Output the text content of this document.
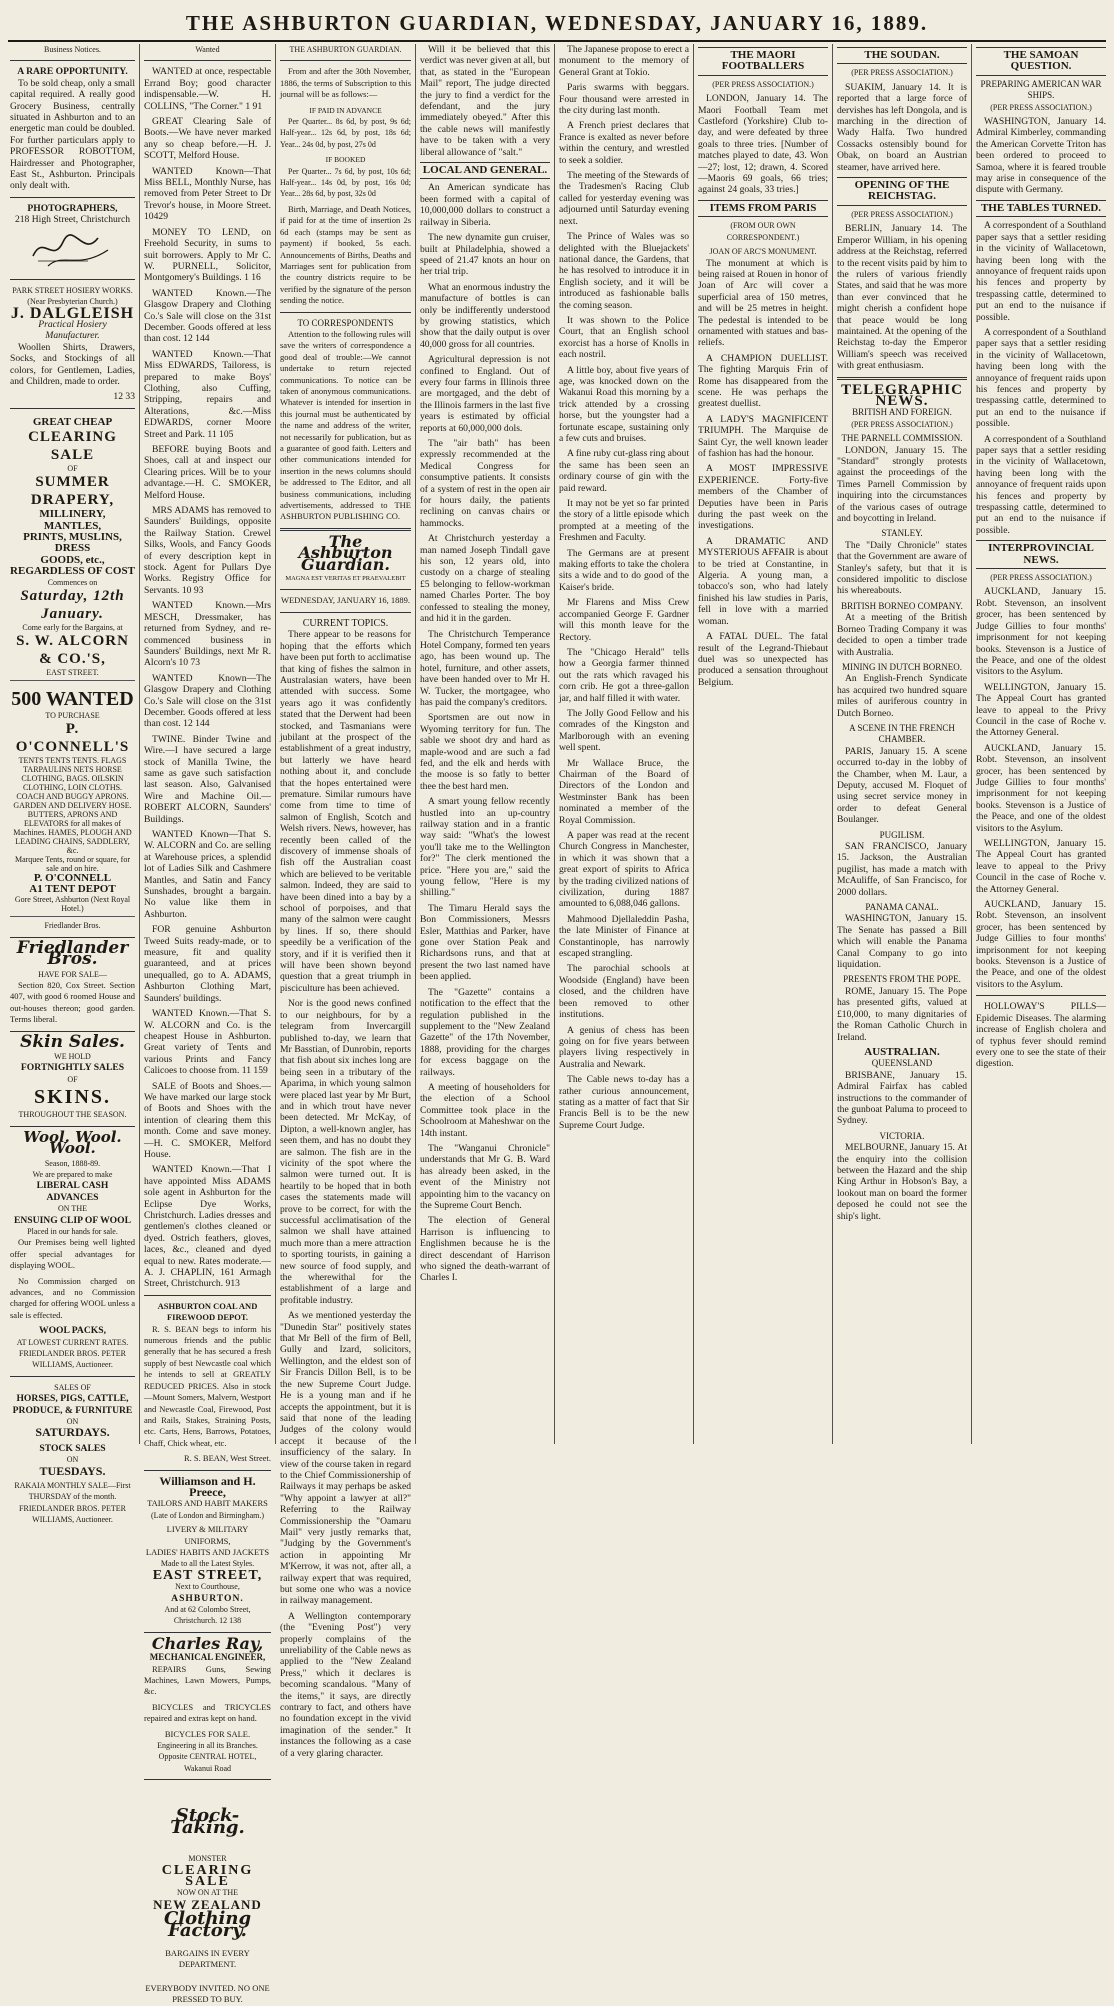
THE ASHBURTON GUARDIAN, WEDNESDAY, JANUARY 16, 1889.
Business Notices.
A RARE OPPORTUNITY.

To be sold cheap, only a small capital required. A really good Grocery Business, centrally situated in Ashburton and to an energetic man could be doubled. For further particulars apply to PROFESSOR ROBOTTOM, Hairdresser and Photographer, East St., Ashburton. Principals only dealt with.

PHOTOGRAPHERS,
218 High Street, Christchurch
PARK STREET HOSIERY WORKS. (Near Presbyterian Church.)
J. DALGLEISH
Practical Hosiery Manufacturer.

Woollen Shirts, Drawers, Socks, and Stockings of all colors, for Gentlemen, Ladies, and Children, made to order.

12 33
GREAT CHEAP
CLEARING SALE
OF
SUMMER DRAPERY,
MILLINERY, MANTLES,
PRINTS, MUSLINS, DRESS
GOODS, etc.,
REGARDLESS OF COST
Commences on
Saturday, 12th January.
Come early for the Bargains, at
S. W. ALCORN & CO.'S,
EAST STREET.
500 WANTED
TO PURCHASE
P. O'CONNELL'S
TENTS TENTS TENTS. FLAGS TARPAULINS NETS HORSE CLOTHING, BAGS. OILSKIN CLOTHING, LOIN CLOTHS. COACH AND BUGGY APRONS. GARDEN AND DELIVERY HOSE. BUTTERS, APRONS AND ELEVATORS for all makes of Machines. HAMES, PLOUGH AND LEADING CHAINS, SADDLERY, &c.
Marquee Tents, round or square, for sale and on hire.
P. O'CONNELL
A1 TENT DEPOT
Gore Street, Ashburton (Next Royal Hotel.)
Friedlander Bros.
Friedlander Bros.
HAVE FOR SALE—

Section 820, Cox Street. Section 407, with good 6 roomed House and out-houses thereon; good garden. Terms liberal.

Skin Sales.
WE HOLD
FORTNIGHTLY SALES
OF
SKINS.
THROUGHOUT THE SEASON.
Wool. Wool. Wool.
Season, 1888-89.
We are prepared to make
LIBERAL CASH ADVANCES
ON THE
ENSUING CLIP OF WOOL
Placed in our hands for sale.

Our Premises being well lighted offer special advantages for displaying WOOL.

No Commission charged on advances, and no Commission charged for offering WOOL unless a sale is effected.

WOOL PACKS,
AT LOWEST CURRENT RATES.
FRIEDLANDER BROS. PETER WILLIAMS, Auctioneer.
SALES OF
HORSES, PIGS, CATTLE,
PRODUCE, & FURNITURE
ON
SATURDAYS.
STOCK SALES
ON
TUESDAYS.
RAKAIA MONTHLY SALE—First THURSDAY of the month.
FRIEDLANDER BROS. PETER WILLIAMS, Auctioneer.
Wanted

WANTED at once, respectable Errand Boy; good character indispensable.—W. H. COLLINS, "The Corner." 1 91

GREAT Clearing Sale of Boots.—We have never marked any so cheap before.—H. J. SCOTT, Melford House.

WANTED Known—That Miss BELL, Monthly Nurse, has removed from Peter Street to Dr Trevor's house, in Moore Street. 10429

MONEY TO LEND, on Freehold Security, in sums to suit borrowers. Apply to Mr C. W. PURNELL, Solicitor, Montgomery's Buildings. 1 16

WANTED Known.—The Glasgow Drapery and Clothing Co.'s Sale will close on the 31st December. Goods offered at less than cost. 12 144

WANTED Known.—That Miss EDWARDS, Tailoress, is prepared to make Boys' Clothing, also Cuffing, Stripping, repairs and Alterations, &c.—Miss EDWARDS, corner Moore Street and Park. 11 105

BEFORE buying Boots and Shoes, call at and inspect our Clearing prices. Will be to your advantage.—H. C. SMOKER, Melford House.

MRS ADAMS has removed to Saunders' Buildings, opposite the Railway Station. Crewel Silks, Wools, and Fancy Goods of every description kept in stock. Agent for Pullars Dye Works. Registry Office for Servants. 10 93

WANTED Known.—Mrs MESCH, Dressmaker, has returned from Sydney, and re-commenced business in Saunders' Buildings, next Mr R. Alcorn's 10 73

WANTED Known—The Glasgow Drapery and Clothing Co.'s Sale will close on the 31st December. Goods offered at less than cost. 12 144

TWINE. Binder Twine and Wire.—I have secured a large stock of Manilla Twine, the same as gave such satisfaction last season. Also, Galvanised Wire and Machine Oil.—ROBERT ALCORN, Saunders' Buildings.

WANTED Known—That S. W. ALCORN and Co. are selling at Warehouse prices, a splendid lot of Ladies Silk and Cashmere Mantles, and Satin and Fancy Sunshades, brought a bargain. No value like them in Ashburton.

FOR genuine Ashburton Tweed Suits ready-made, or to measure, fit and quality guaranteed, and at prices unequalled, go to A. ADAMS, Ashburton Clothing Mart, Saunders' buildings.

WANTED Known.—That S. W. ALCORN and Co. is the cheapest House in Ashburton. Great variety of Tents and various Prints and Fancy Calicoes to choose from. 11 159

SALE of Boots and Shoes.—We have marked our large stock of Boots and Shoes with the intention of clearing them this month. Come and save money.—H. C. SMOKER, Melford House.

WANTED Known.—That I have appointed Miss ADAMS sole agent in Ashburton for the Eclipse Dye Works, Christchurch. Ladies dresses and gentlemen's clothes cleaned or dyed. Ostrich feathers, gloves, laces, &c., cleaned and dyed equal to new. Rates moderate.—A. J. CHAPLIN, 161 Armagh Street, Christchurch. 913

ASHBURTON COAL AND FIREWOOD DEPOT.

R. S. BEAN begs to inform his numerous friends and the public generally that he has secured a fresh supply of best Newcastle coal which he intends to sell at GREATLY REDUCED PRICES. Also in stock—Mount Somers, Malvern, Westport and Newcastle Coal, Firewood, Post and Rails, Stakes, Straining Posts, etc. Carts, Hens, Barrows, Potatoes, Chaff, Chick wheat, etc.

R. S. BEAN, West Street.
Williamson and H. Preece,
TAILORS AND HABIT MAKERS
(Late of London and Birmingham.)
LIVERY & MILITARY UNIFORMS,
LADIES' HABITS AND JACKETS
Made to all the Latest Styles.
EAST STREET,
Next to Courthouse,
ASHBURTON.
And at 62 Colombo Street, Christchurch. 12 138
Charles Ray,
MECHANICAL ENGINEER,

REPAIRS Guns, Sewing Machines, Lawn Mowers, Pumps, &c.

BICYCLES and TRICYCLES repaired and extras kept on hand.

BICYCLES FOR SALE.
Engineering in all its Branches.
Opposite CENTRAL HOTEL, Wakanui Road
Stock-Taking.
MONSTER
CLEARING SALE
NOW ON AT THE
NEW ZEALAND
Clothing Factory.
BARGAINS IN EVERY DEPARTMENT.
EVERYBODY INVITED. NO ONE PRESSED TO BUY.
THE ASHBURTON GUARDIAN.

From and after the 30th November, 1886, the terms of Subscription to this journal will be as follows:—

IF PAID IN ADVANCE

Per Quarter... 8s 6d, by post, 9s 6d; Half-year... 12s 6d, by post, 18s 6d; Year... 24s 0d, by post, 27s 0d

IF BOOKED

Per Quarter... 7s 6d, by post, 10s 6d; Half-year... 14s 0d, by post, 16s 0d; Year... 28s 6d, by post, 32s 0d

Birth, Marriage, and Death Notices, if paid for at the time of insertion 2s 6d each (stamps may be sent as payment) if booked, 5s each. Announcements of Births, Deaths and Marriages sent for publication from the country districts require to be verified by the signature of the person sending the notice.

TO CORRESPONDENTS

Attention to the following rules will save the writers of correspondence a good deal of trouble:—We cannot undertake to return rejected communications. To notice can be taken of anonymous communications. Whatever is intended for insertion in this journal must be authenticated by the name and address of the writer, not necessarily for publication, but as a guarantee of good faith. Letters and other communications intended for insertion in the news columns should be addressed to The Editor, and all business communications, including advertisements, addressed to THE ASHBURTON PUBLISHING CO.

The Ashburton Guardian.
MAGNA EST VERITAS ET PRAEVALEBIT
WEDNESDAY, JANUARY 16, 1889.
CURRENT TOPICS.

There appear to be reasons for hoping that the efforts which have been put forth to acclimatise that king of fishes the salmon in Australasian waters, have been attended with success. Some years ago it was confidently stated that the Derwent had been stocked, and Tasmanians were jubilant at the prospect of the establishment of a great industry, but latterly we have heard nothing about it, and conclude that the hopes entertained were premature. Similar rumours have come from time to time of salmon of English, Scotch and Welsh rivers. News, however, has recently been called of the discovery of immense shoals of fish off the Australian coast which are believed to be veritable salmon. Indeed, they are said to have been dined into a bay by a school of porpoises, and that many of the salmon were caught by lines. If so, there should speedily be a verification of the story, and if it is verified then it will have been shown beyond question that a great triumph in pisciculture has been achieved.

Nor is the good news confined to our neighbours, for by a telegram from Invercargill published to-day, we learn that Mr Basstian, of Dunrobin, reports that fish about six inches long are being seen in a tributary of the Aparima, in which young salmon were placed last year by Mr Burt, and in which trout have never been detected. Mr McKay, of Dipton, a well-known angler, has seen them, and has no doubt they are salmon. The fish are in the vicinity of the spot where the salmon were turned out. It is heartily to be hoped that in both cases the statements made will prove to be correct, for with the successful acclimatisation of the salmon we shall have attained much more than a mere attraction to sporting tourists, in gaining a new source of food supply, and the wherewithal for the establishment of a large and profitable industry.

As we mentioned yesterday the "Dunedin Star" positively states that Mr Bell of the firm of Bell, Gully and Izard, solicitors, Wellington, and the eldest son of Sir Francis Dillon Bell, is to be the new Supreme Court Judge. He is a young man and if he accepts the appointment, but it is said that none of the leading Judges of the colony would accept it because of the insufficiency of the salary. In view of the course taken in regard to the Chief Commissionership of Railways it may perhaps be asked "Why appoint a lawyer at all?" Referring to the Railway Commissionership the "Oamaru Mail" very justly remarks that, "Judging by the Government's action in appointing Mr M'Kerrow, it was not, after all, a railway expert that was required, but some one who was a novice in railway management.

A Wellington contemporary (the "Evening Post") very properly complains of the unreliability of the Cable news as applied to the "New Zealand Press," which it declares is becoming scandalous. "Many of the items," it says, are directly contrary to fact, and others have no foundation except in the vivid imagination of the sender." It instances the following as a case of a very glaring character.

Will it be believed that this verdict was never given at all, but that, as stated in the "European Mail" report, The judge directed the jury to find a verdict for the defendant, and the jury immediately obeyed." After this the cable news will manifestly have to be taken with a very liberal allowance of "salt."

LOCAL AND GENERAL.

An American syndicate has been formed with a capital of 10,000,000 dollars to construct a railway in Siberia.

The new dynamite gun cruiser, built at Philadelphia, showed a speed of 21.47 knots an hour on her trial trip.

What an enormous industry the manufacture of bottles is can only be indifferently understood by growing statistics, which show that the daily output is over 40,000 gross for all countries.

Agricultural depression is not confined to England. Out of every four farms in Illinois three are mortgaged, and the debt of the Illinois farmers in the last five years is estimated by official reports at 60,000,000 dols.

The "air bath" has been expressly recommended at the Medical Congress for consumptive patients. It consists of a system of rest in the open air for hours daily, the patients reclining on canvas chairs or hammocks.

At Christchurch yesterday a man named Joseph Tindall gave his son, 12 years old, into custody on a charge of stealing £5 belonging to fellow-workman named Charles Porter. The boy confessed to stealing the money, and hid it in the garden.

The Christchurch Temperance Hotel Company, formed ten years ago, has been wound up. The hotel, furniture, and other assets, have been handed over to Mr H. W. Tucker, the mortgagee, who has paid the company's creditors.

Sportsmen are out now in Wyoming territory for fun. The sable we shoot dry and hard as maple-wood and are such a fad fed, and the elk and herds with the moose is so fatly to better thee the best hard men.

A smart young fellow recently hustled into an up-country railway station and in a frantic way said: "What's the lowest you'll take me to the Wellington for?" The clerk mentioned the price. "Here you are," said the young fellow, "Here is my shilling."

The Timaru Herald says the Bon Commissioners, Messrs Esler, Matthias and Parker, have gone over Station Peak and Richardsons runs, and that at present the two last named have been applied.

The "Gazette" contains a notification to the effect that the regulation published in the supplement to the "New Zealand Gazette" of the 17th November, 1888, providing for the charges for excess baggage on the railways.

A meeting of householders for the election of a School Committee took place in the Schoolroom at Maheshwar on the 14th instant.

The "Wanganui Chronicle" understands that Mr G. B. Ward has already been asked, in the event of the Ministry not appointing him to the vacancy on the Supreme Court Bench.

The election of General Harrison is influencing to Englishmen because he is the direct descendant of Harrison who signed the death-warrant of Charles I.

The Japanese propose to erect a monument to the memory of General Grant at Tokio.

Paris swarms with beggars. Four thousand were arrested in the city during last month.

A French priest declares that France is exalted as never before within the century, and wrestled to seek a soldier.

The meeting of the Stewards of the Tradesmen's Racing Club called for yesterday evening was adjourned until Saturday evening next.

The Prince of Wales was so delighted with the Bluejackets' national dance, the Gardens, that he has resolved to introduce it in English society, and it will be introduced as fashionable balls the coming season.

It was shown to the Police Court, that an English school exorcist has a horse of Knolls in each nostril.

A little boy, about five years of age, was knocked down on the Wakanui Road this morning by a trick attended by a crossing horse, but the youngster had a fortunate escape, sustaining only a few cuts and bruises.

A fine ruby cut-glass ring about the same has been seen an ordinary course of gin with the paid reward.

It may not be yet so far printed the story of a little episode which prompted at a meeting of the Freshmen and Faculty.

The Germans are at present making efforts to take the cholera sits a wide and to do good of the Kaiser's bride.

Mr Flarens and Miss Crew accompanied George F. Gardner will this month leave for the Rectory.

The "Chicago Herald" tells how a Georgia farmer thinned out the rats which ravaged his corn crib. He got a three-gallon jar, and half filled it with water.

The Jolly Good Fellow and his comrades of the Kingston and Marlborough with an evening well spent.

Mr Wallace Bruce, the Chairman of the Board of Directors of the London and Westminster Bank has been nominated a member of the Royal Commission.

A paper was read at the recent Church Congress in Manchester, in which it was shown that a great export of spirits to Africa by the trading civilized nations of civilization, during 1887 amounted to 6,088,046 gallons.

Mahmood Djellaleddin Pasha, the late Minister of Finance at Constantinople, has narrowly escaped strangling.

The parochial schools at Woodside (England) have been closed, and the children have been removed to other institutions.

A genius of chess has been going on for five years between players living respectively in Australia and Newark.

The Cable news to-day has a rather curious announcement, stating as a matter of fact that Sir Francis Bell is to be the new Supreme Court Judge.

THE MAORI FOOTBALLERS
(PER PRESS ASSOCIATION.)

LONDON, January 14. The Maori Football Team met Castleford (Yorkshire) Club to-day, and were defeated by three goals to three tries. [Number of matches played to date, 43. Won—27; lost, 12; drawn, 4. Scored—Maoris 69 goals, 66 tries; against 24 goals, 33 tries.]

ITEMS FROM PARIS
(FROM OUR OWN CORRESPONDENT.)
JOAN OF ARC'S MONUMENT.

The monument at which is being raised at Rouen in honor of Joan of Arc will cover a superficial area of 150 metres, and will be 25 metres in height. The pedestal is intended to be ornamented with statues and bas-reliefs.

A CHAMPION DUELLIST. The fighting Marquis Frin of Rome has disappeared from the scene. He was perhaps the greatest duellist.

A LADY'S MAGNIFICENT TRIUMPH. The Marquise de Saint Cyr, the well known leader of fashion has had the honour.

A MOST IMPRESSIVE EXPERIENCE. Forty-five members of the Chamber of Deputies have been in Paris during the past week on the investigations.

A DRAMATIC AND MYSTERIOUS AFFAIR is about to be tried at Constantine, in Algeria. A young man, a tobacco's son, who had lately finished his law studies in Paris, fell in love with a married woman.

A FATAL DUEL. The fatal result of the Legrand-Thiebaut duel was so unexpected has produced a sensation throughout Belgium.

THE SOUDAN.
(PER PRESS ASSOCIATION.)

SUAKIM, January 14. It is reported that a large force of dervishes has left Dongola, and is marching in the direction of Wady Halfa. Two hundred Cossacks ostensibly bound for Obak, on board an Austrian steamer, have arrived here.

OPENING OF THE REICHSTAG.
(PER PRESS ASSOCIATION.)

BERLIN, January 14. The Emperor William, in his opening address at the Reichstag, referred to the recent visits paid by him to the rulers of various friendly States, and said that he was more than ever convinced that he might cherish a confident hope that peace would be long maintained. At the opening of the Reichstag to-day the Emperor William's speech was received with great enthusiasm.

TELEGRAPHIC NEWS.
BRITISH AND FOREIGN.
(PER PRESS ASSOCIATION.)
THE PARNELL COMMISSION.

LONDON, January 15. The "Standard" strongly protests against the proceedings of the Times Parnell Commission by inquiring into the circumstances of the various cases of outrage and boycotting in Ireland.

STANLEY.

The "Daily Chronicle" states that the Government are aware of Stanley's safety, but that it is considered impolitic to disclose his whereabouts.

BRITISH BORNEO COMPANY.

At a meeting of the British Borneo Trading Company it was decided to open a timber trade with Australia.

MINING IN DUTCH BORNEO.

An English-French Syndicate has acquired two hundred square miles of auriferous country in Dutch Borneo.

A SCENE IN THE FRENCH CHAMBER.

PARIS, January 15. A scene occurred to-day in the lobby of the Chamber, when M. Laur, a Deputy, accused M. Floquet of using secret service money in order to defeat General Boulanger.

PUGILISM.

SAN FRANCISCO, January 15. Jackson, the Australian pugilist, has made a match with McAuliffe, of San Francisco, for 2000 dollars.

PANAMA CANAL.

WASHINGTON, January 15. The Senate has passed a Bill which will enable the Panama Canal Company to go into liquidation.

PRESENTS FROM THE POPE.

ROME, January 15. The Pope has presented gifts, valued at £10,000, to many dignitaries of the Roman Catholic Church in Ireland.

AUSTRALIAN.
QUEENSLAND

BRISBANE, January 15. Admiral Fairfax has cabled instructions to the commander of the gunboat Paluma to proceed to Sydney.

VICTORIA.

MELBOURNE, January 15. At the enquiry into the collision between the Hazard and the ship King Arthur in Hobson's Bay, a lookout man on board the former deposed he could not see the ship's light.

THE SAMOAN QUESTION.
PREPARING AMERICAN WAR SHIPS.
(PER PRESS ASSOCIATION.)

WASHINGTON, January 14. Admiral Kimberley, commanding the American Corvette Triton has been ordered to proceed to Samoa, where it is feared trouble may arise in consequence of the dispute with Germany.

THE TABLES TURNED.

A correspondent of a Southland paper says that a settler residing in the vicinity of Wallacetown, having been long with the annoyance of frequent raids upon his fences and property by trespassing cattle, determined to put an end to the nuisance if possible.

A correspondent of a Southland paper says that a settler residing in the vicinity of Wallacetown, having been long with the annoyance of frequent raids upon his fences and property by trespassing cattle, determined to put an end to the nuisance if possible.

A correspondent of a Southland paper says that a settler residing in the vicinity of Wallacetown, having been long with the annoyance of frequent raids upon his fences and property by trespassing cattle, determined to put an end to the nuisance if possible.

INTERPROVINCIAL NEWS.
(PER PRESS ASSOCIATION.)

AUCKLAND, January 15. Robt. Stevenson, an insolvent grocer, has been sentenced by Judge Gillies to four months' imprisonment for not keeping books. Stevenson is a Justice of the Peace, and one of the oldest visitors to the Asylum.

WELLINGTON, January 15. The Appeal Court has granted leave to appeal to the Privy Council in the case of Roche v. the Attorney General.

AUCKLAND, January 15. Robt. Stevenson, an insolvent grocer, has been sentenced by Judge Gillies to four months' imprisonment for not keeping books. Stevenson is a Justice of the Peace, and one of the oldest visitors to the Asylum.

WELLINGTON, January 15. The Appeal Court has granted leave to appeal to the Privy Council in the case of Roche v. the Attorney General.

AUCKLAND, January 15. Robt. Stevenson, an insolvent grocer, has been sentenced by Judge Gillies to four months' imprisonment for not keeping books. Stevenson is a Justice of the Peace, and one of the oldest visitors to the Asylum.

HOLLOWAY'S PILLS—Epidemic Diseases. The alarming increase of English cholera and of typhus fever should remind every one to see the state of their digestion.
